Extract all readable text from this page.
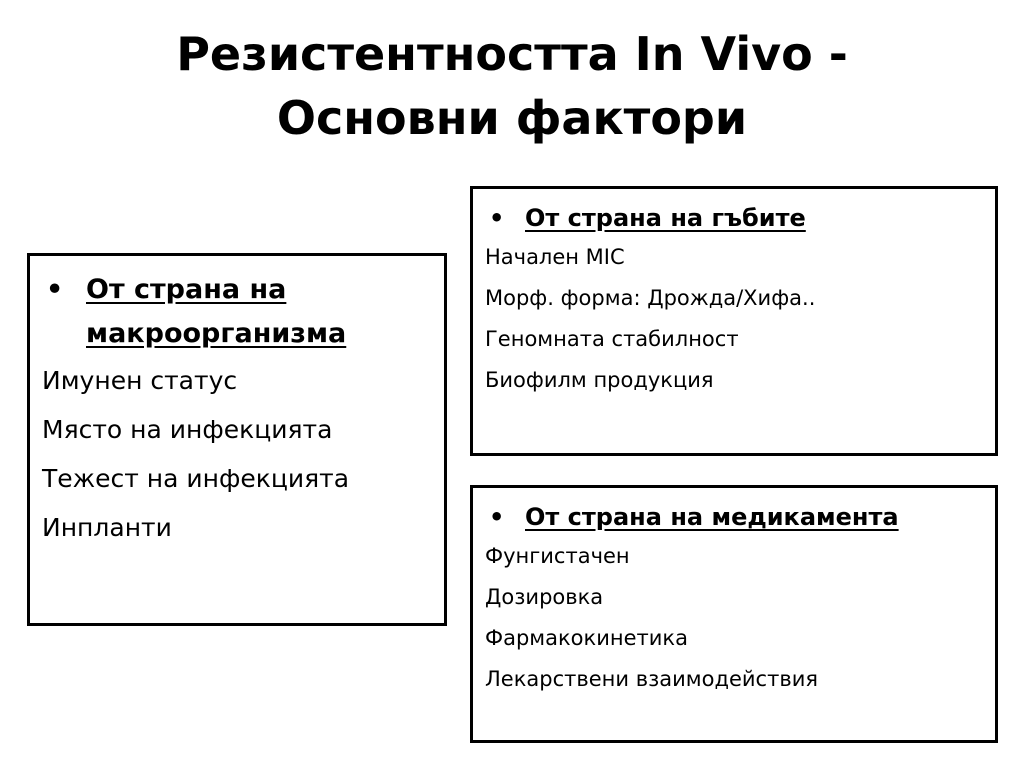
Резистентността In Vivo -
Основни фактори
• От страна на макроорганизма
Имунен статус
Място на инфекцията
Тежест на инфекцията
Инпланти
• От страна на гъбите
Начален MIC
Морф. форма: Дрожда/Хифа..
Геномната стабилност
Биофилм продукция
• От страна на медикамента
Фунгистачен
Дозировка
Фармакокинетика
Лекарствени взаимодействия
